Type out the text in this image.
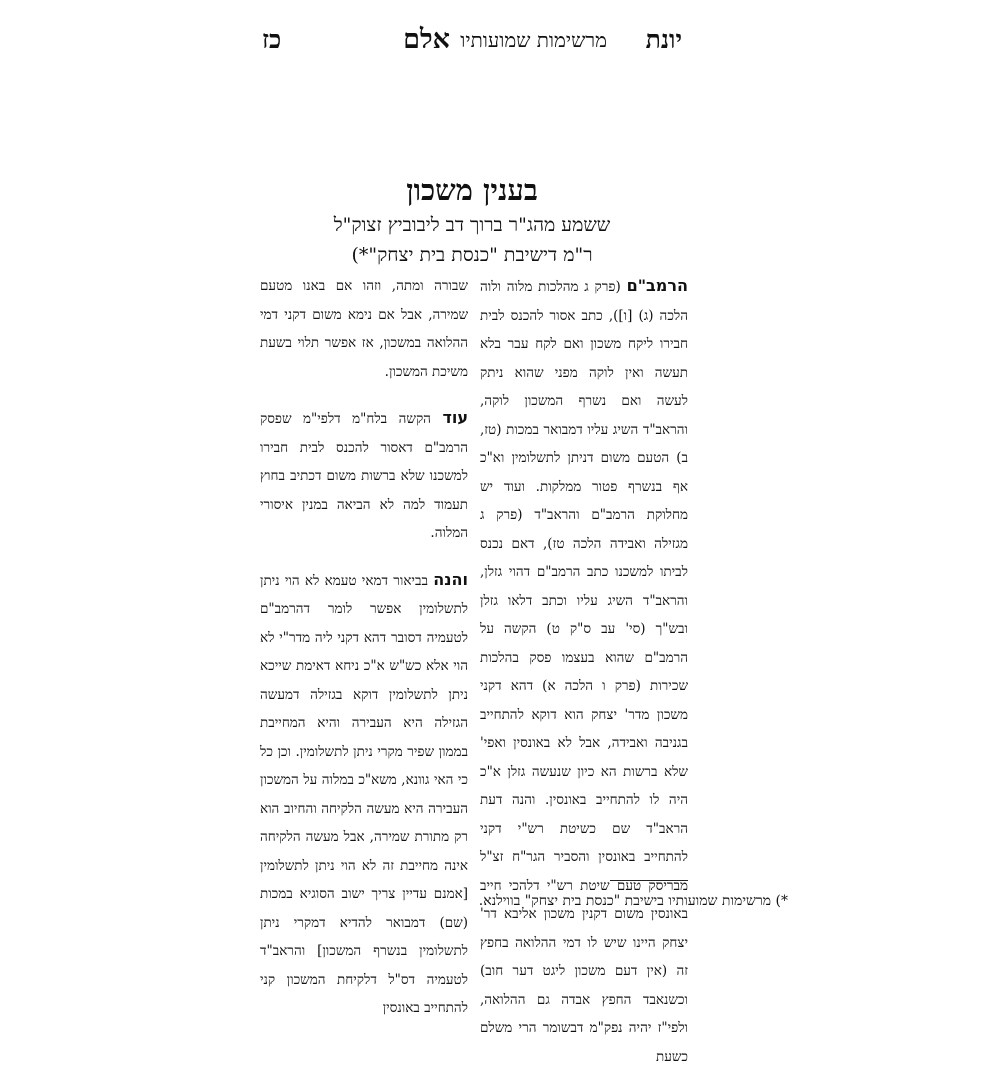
יונת
מרשימות שמועותיו
אלם
כז

בענין משכון

ששמע מהג"ר ברוך דב ליבוביץ זצוק"ל

ר"מ דישיבת "כנסת בית יצחק"*)

הרמב"ם (פרק ג מהלכות מלוה ולוה הלכה (ג) [ו]), כתב אסור להכנס לבית חבירו ליקח משכון ואם לקח עבר בלא תעשה ואין לוקה מפני שהוא ניתק לעשה ואם נשרף המשכון לוקה, והראב"ד השיג עליו דמבואר במכות (טז, ב) הטעם משום דניתן לתשלומין וא"כ אף בנשרף פטור ממלקות. ועוד יש מחלוקת הרמב"ם והראב"ד (פרק ג מגזילה ואבידה הלכה טז), דאם נכנס לביתו למשכנו כתב הרמב"ם דהוי גזלן, והראב"ד השיג עליו וכתב דלאו גזלן ובש"ך (סי' עב ס"ק ט) הקשה על הרמב"ם שהוא בעצמו פסק בהלכות שכירות (פרק ו הלכה א) דהא דקני משכון מדר' יצחק הוא דוקא להתחייב בגניבה ואבידה, אבל לא באונסין ואפי' שלא ברשות הא כיון שנעשה גזלן א"כ היה לו להתחייב באונסין. והנה דעת הראב"ד שם כשיטת רש"י דקני להתחייב באונסין והסביר הגר"ח זצ"ל מבריסק טעם שיטת רש"י דלהכי חייב באונסין משום דקנין משכון אליבא דר' יצחק היינו שיש לו דמי ההלואה בחפץ זה (אין דעם משכון ליגט דער חוב) וכשנאבד החפץ אבדה גם ההלואה, ולפי"ז יהיה נפק"מ דבשומר הרי משלם כשעת

שבורה ומתה, וזהו אם באנו מטעם שמירה, אבל אם נימא משום דקני דמי ההלואה במשכון, אז אפשר תלוי בשעת משיכת המשכון.

עוד הקשה בלח"מ דלפי"מ שפסק הרמב"ם דאסור להכנס לבית חבירו למשכנו שלא ברשות משום דכתיב בחוץ תעמוד למה לא הביאה במנין איסורי המלוה.

והנה בביאור דמאי טעמא לא הוי ניתן לתשלומין אפשר לומר דהרמב"ם לטעמיה דסובר דהא דקני ליה מדר"י לא הוי אלא כש"ש א"כ ניחא דאימת שייכא ניתן לתשלומין דוקא בגזילה דמעשה הגזילה היא העבירה והיא המחייבת בממון שפיר מקרי ניתן לתשלומין. וכן כל כי האי גוונא, משא"כ במלוה על המשכון העבירה היא מעשה הלקיחה והחיוב הוא רק מתורת שמירה, אבל מעשה הלקיחה אינה מחייבת זה לא הוי ניתן לתשלומין [אמנם עדיין צריך ישוב הסוגיא במכות (שם) דמבואר להדיא דמקרי ניתן לתשלומין בנשרף המשכון] והראב"ד לטעמיה דס"ל דלקיחת המשכון קני להתחייב באונסין

*) מרשימות שמועותיו בישיבת "כנסת בית יצחק" בווילנא.
